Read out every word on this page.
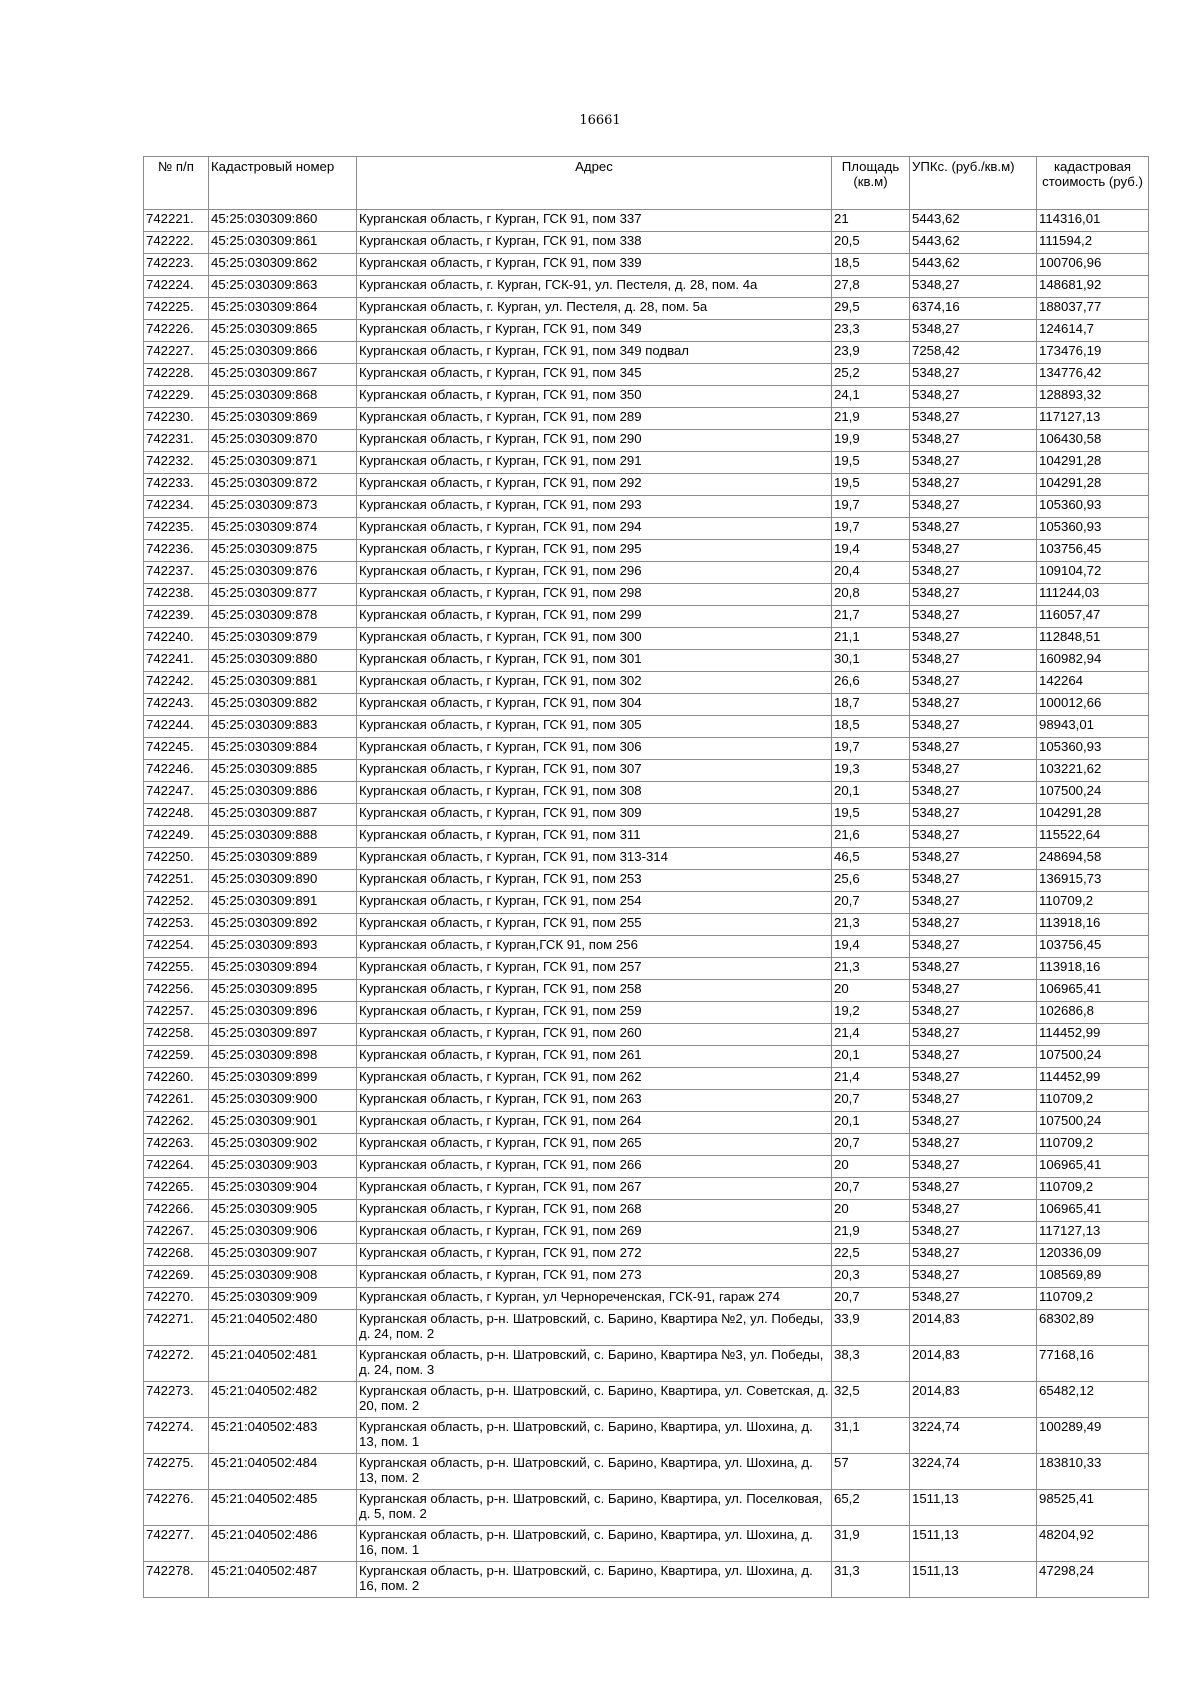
16661
№ п/п	Кадастровый номер	Адрес	Площадь (кв.м)	УПКс. (руб./кв.м)	кадастровая стоимость (руб.)
742221.	45:25:030309:860	Курганская область, г Курган, ГСК 91, пом 337	21	5443,62	114316,01
742222.	45:25:030309:861	Курганская область, г Курган, ГСК 91, пом 338	20,5	5443,62	111594,2
742223.	45:25:030309:862	Курганская область, г Курган, ГСК 91, пом 339	18,5	5443,62	100706,96
742224.	45:25:030309:863	Курганская область, г. Курган, ГСК-91, ул. Пестеля, д. 28, пом. 4а	27,8	5348,27	148681,92
742225.	45:25:030309:864	Курганская область, г. Курган, ул. Пестеля, д. 28, пом. 5а	29,5	6374,16	188037,77
742226.	45:25:030309:865	Курганская область, г Курган, ГСК 91, пом 349	23,3	5348,27	124614,7
742227.	45:25:030309:866	Курганская область, г Курган, ГСК 91, пом 349 подвал	23,9	7258,42	173476,19
742228.	45:25:030309:867	Курганская область, г Курган, ГСК 91, пом 345	25,2	5348,27	134776,42
742229.	45:25:030309:868	Курганская область, г Курган, ГСК 91, пом 350	24,1	5348,27	128893,32
742230.	45:25:030309:869	Курганская область, г Курган, ГСК 91, пом 289	21,9	5348,27	117127,13
742231.	45:25:030309:870	Курганская область, г Курган, ГСК 91, пом 290	19,9	5348,27	106430,58
742232.	45:25:030309:871	Курганская область, г Курган, ГСК 91, пом 291	19,5	5348,27	104291,28
742233.	45:25:030309:872	Курганская область, г Курган, ГСК 91, пом 292	19,5	5348,27	104291,28
742234.	45:25:030309:873	Курганская область, г Курган, ГСК 91, пом 293	19,7	5348,27	105360,93
742235.	45:25:030309:874	Курганская область, г Курган, ГСК 91, пом 294	19,7	5348,27	105360,93
742236.	45:25:030309:875	Курганская область, г Курган, ГСК 91, пом 295	19,4	5348,27	103756,45
742237.	45:25:030309:876	Курганская область, г Курган, ГСК 91, пом 296	20,4	5348,27	109104,72
742238.	45:25:030309:877	Курганская область, г Курган, ГСК 91, пом 298	20,8	5348,27	111244,03
742239.	45:25:030309:878	Курганская область, г Курган, ГСК 91, пом 299	21,7	5348,27	116057,47
742240.	45:25:030309:879	Курганская область, г Курган, ГСК 91, пом 300	21,1	5348,27	112848,51
742241.	45:25:030309:880	Курганская область, г Курган, ГСК 91, пом 301	30,1	5348,27	160982,94
742242.	45:25:030309:881	Курганская область, г Курган, ГСК 91, пом 302	26,6	5348,27	142264
742243.	45:25:030309:882	Курганская область, г Курган, ГСК 91, пом 304	18,7	5348,27	100012,66
742244.	45:25:030309:883	Курганская область, г Курган, ГСК 91, пом 305	18,5	5348,27	98943,01
742245.	45:25:030309:884	Курганская область, г Курган, ГСК 91, пом 306	19,7	5348,27	105360,93
742246.	45:25:030309:885	Курганская область, г Курган, ГСК 91, пом 307	19,3	5348,27	103221,62
742247.	45:25:030309:886	Курганская область, г Курган, ГСК 91, пом 308	20,1	5348,27	107500,24
742248.	45:25:030309:887	Курганская область, г Курган, ГСК 91, пом 309	19,5	5348,27	104291,28
742249.	45:25:030309:888	Курганская область, г Курган, ГСК 91, пом 311	21,6	5348,27	115522,64
742250.	45:25:030309:889	Курганская область, г Курган, ГСК 91, пом 313-314	46,5	5348,27	248694,58
742251.	45:25:030309:890	Курганская область, г Курган, ГСК 91, пом 253	25,6	5348,27	136915,73
742252.	45:25:030309:891	Курганская область, г Курган, ГСК 91, пом 254	20,7	5348,27	110709,2
742253.	45:25:030309:892	Курганская область, г Курган, ГСК 91, пом 255	21,3	5348,27	113918,16
742254.	45:25:030309:893	Курганская область, г Курган,ГСК 91, пом 256	19,4	5348,27	103756,45
742255.	45:25:030309:894	Курганская область, г Курган, ГСК 91, пом 257	21,3	5348,27	113918,16
742256.	45:25:030309:895	Курганская область, г Курган, ГСК 91, пом 258	20	5348,27	106965,41
742257.	45:25:030309:896	Курганская область, г Курган, ГСК 91, пом 259	19,2	5348,27	102686,8
742258.	45:25:030309:897	Курганская область, г Курган, ГСК 91, пом 260	21,4	5348,27	114452,99
742259.	45:25:030309:898	Курганская область, г Курган, ГСК 91, пом 261	20,1	5348,27	107500,24
742260.	45:25:030309:899	Курганская область, г Курган, ГСК 91, пом 262	21,4	5348,27	114452,99
742261.	45:25:030309:900	Курганская область, г Курган, ГСК 91, пом 263	20,7	5348,27	110709,2
742262.	45:25:030309:901	Курганская область, г Курган, ГСК 91, пом 264	20,1	5348,27	107500,24
742263.	45:25:030309:902	Курганская область, г Курган, ГСК 91, пом 265	20,7	5348,27	110709,2
742264.	45:25:030309:903	Курганская область, г Курган, ГСК 91, пом 266	20	5348,27	106965,41
742265.	45:25:030309:904	Курганская область, г Курган, ГСК 91, пом 267	20,7	5348,27	110709,2
742266.	45:25:030309:905	Курганская область, г Курган, ГСК 91, пом 268	20	5348,27	106965,41
742267.	45:25:030309:906	Курганская область, г Курган, ГСК 91, пом 269	21,9	5348,27	117127,13
742268.	45:25:030309:907	Курганская область, г Курган, ГСК 91, пом 272	22,5	5348,27	120336,09
742269.	45:25:030309:908	Курганская область, г Курган, ГСК 91, пом 273	20,3	5348,27	108569,89
742270.	45:25:030309:909	Курганская область, г Курган, ул Чернореченская, ГСК-91, гараж 274	20,7	5348,27	110709,2
742271.	45:21:040502:480	Курганская область, р-н. Шатровский, с. Барино, Квартира №2, ул. Победы, д. 24, пом. 2	33,9	2014,83	68302,89
742272.	45:21:040502:481	Курганская область, р-н. Шатровский, с. Барино, Квартира №3, ул. Победы, д. 24, пом. 3	38,3	2014,83	77168,16
742273.	45:21:040502:482	Курганская область, р-н. Шатровский, с. Барино, Квартира, ул. Советская, д. 20, пом. 2	32,5	2014,83	65482,12
742274.	45:21:040502:483	Курганская область, р-н. Шатровский, с. Барино, Квартира, ул. Шохина, д. 13, пом. 1	31,1	3224,74	100289,49
742275.	45:21:040502:484	Курганская область, р-н. Шатровский, с. Барино, Квартира, ул. Шохина, д. 13, пом. 2	57	3224,74	183810,33
742276.	45:21:040502:485	Курганская область, р-н. Шатровский, с. Барино, Квартира, ул. Поселковая, д. 5, пом. 2	65,2	1511,13	98525,41
742277.	45:21:040502:486	Курганская область, р-н. Шатровский, с. Барино, Квартира, ул. Шохина, д. 16, пом. 1	31,9	1511,13	48204,92
742278.	45:21:040502:487	Курганская область, р-н. Шатровский, с. Барино, Квартира, ул. Шохина, д. 16, пом. 2	31,3	1511,13	47298,24
